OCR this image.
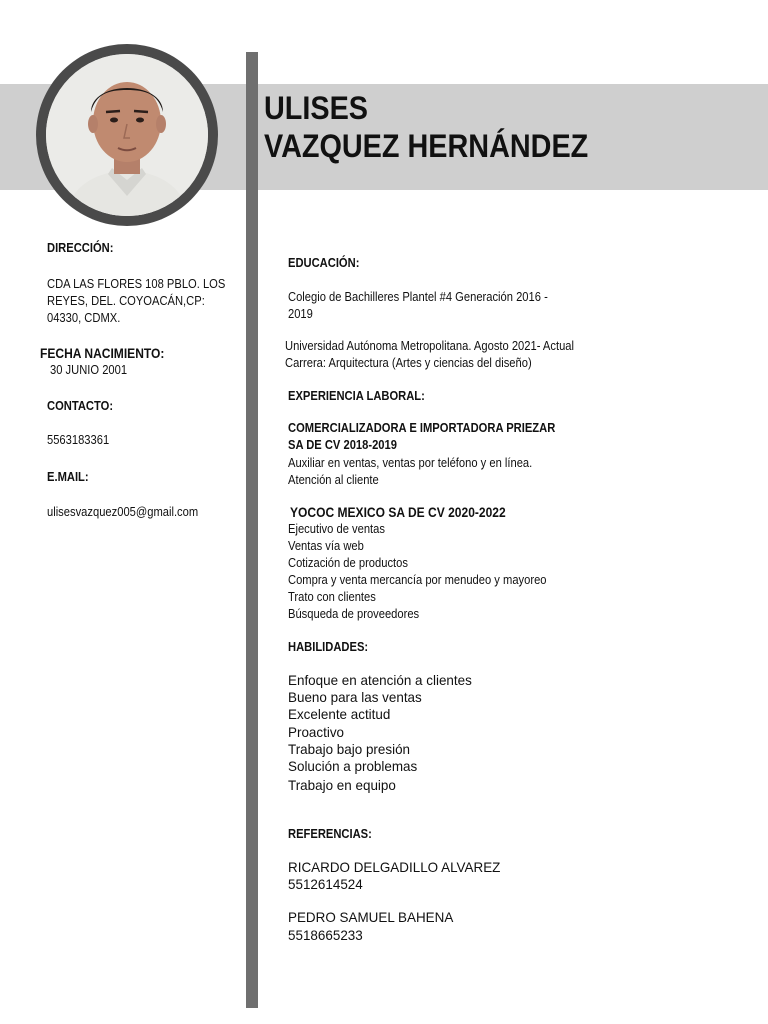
ULISES
VAZQUEZ HERNÁNDEZ
DIRECCIÓN:
CDA LAS FLORES 108 PBLO. LOS
REYES, DEL. COYOACÁN,CP:
04330, CDMX.
FECHA NACIMIENTO:
30 JUNIO 2001
CONTACTO:
5563183361
E.MAIL:
ulisesvazquez005@gmail.com
EDUCACIÓN:
Colegio de Bachilleres Plantel #4 Generación 2016 -
2019
Universidad Autónoma Metropolitana. Agosto 2021- Actual
Carrera: Arquitectura (Artes y ciencias del diseño)
EXPERIENCIA LABORAL:
COMERCIALIZADORA E IMPORTADORA PRIEZAR
SA DE CV 2018-2019
Auxiliar en ventas, ventas por teléfono y en línea.
Atención al cliente
YOCOC MEXICO SA DE CV 2020-2022
Ejecutivo de ventas
Ventas vía web
Cotización de productos
Compra y venta mercancía por menudeo y mayoreo
Trato con clientes
Búsqueda de proveedores
HABILIDADES:
Enfoque en atención a clientes
Bueno para las ventas
Excelente actitud
Proactivo
Trabajo bajo presión
Solución a problemas
Trabajo en equipo
REFERENCIAS:
RICARDO DELGADILLO ALVAREZ
5512614524
PEDRO SAMUEL BAHENA
5518665233
